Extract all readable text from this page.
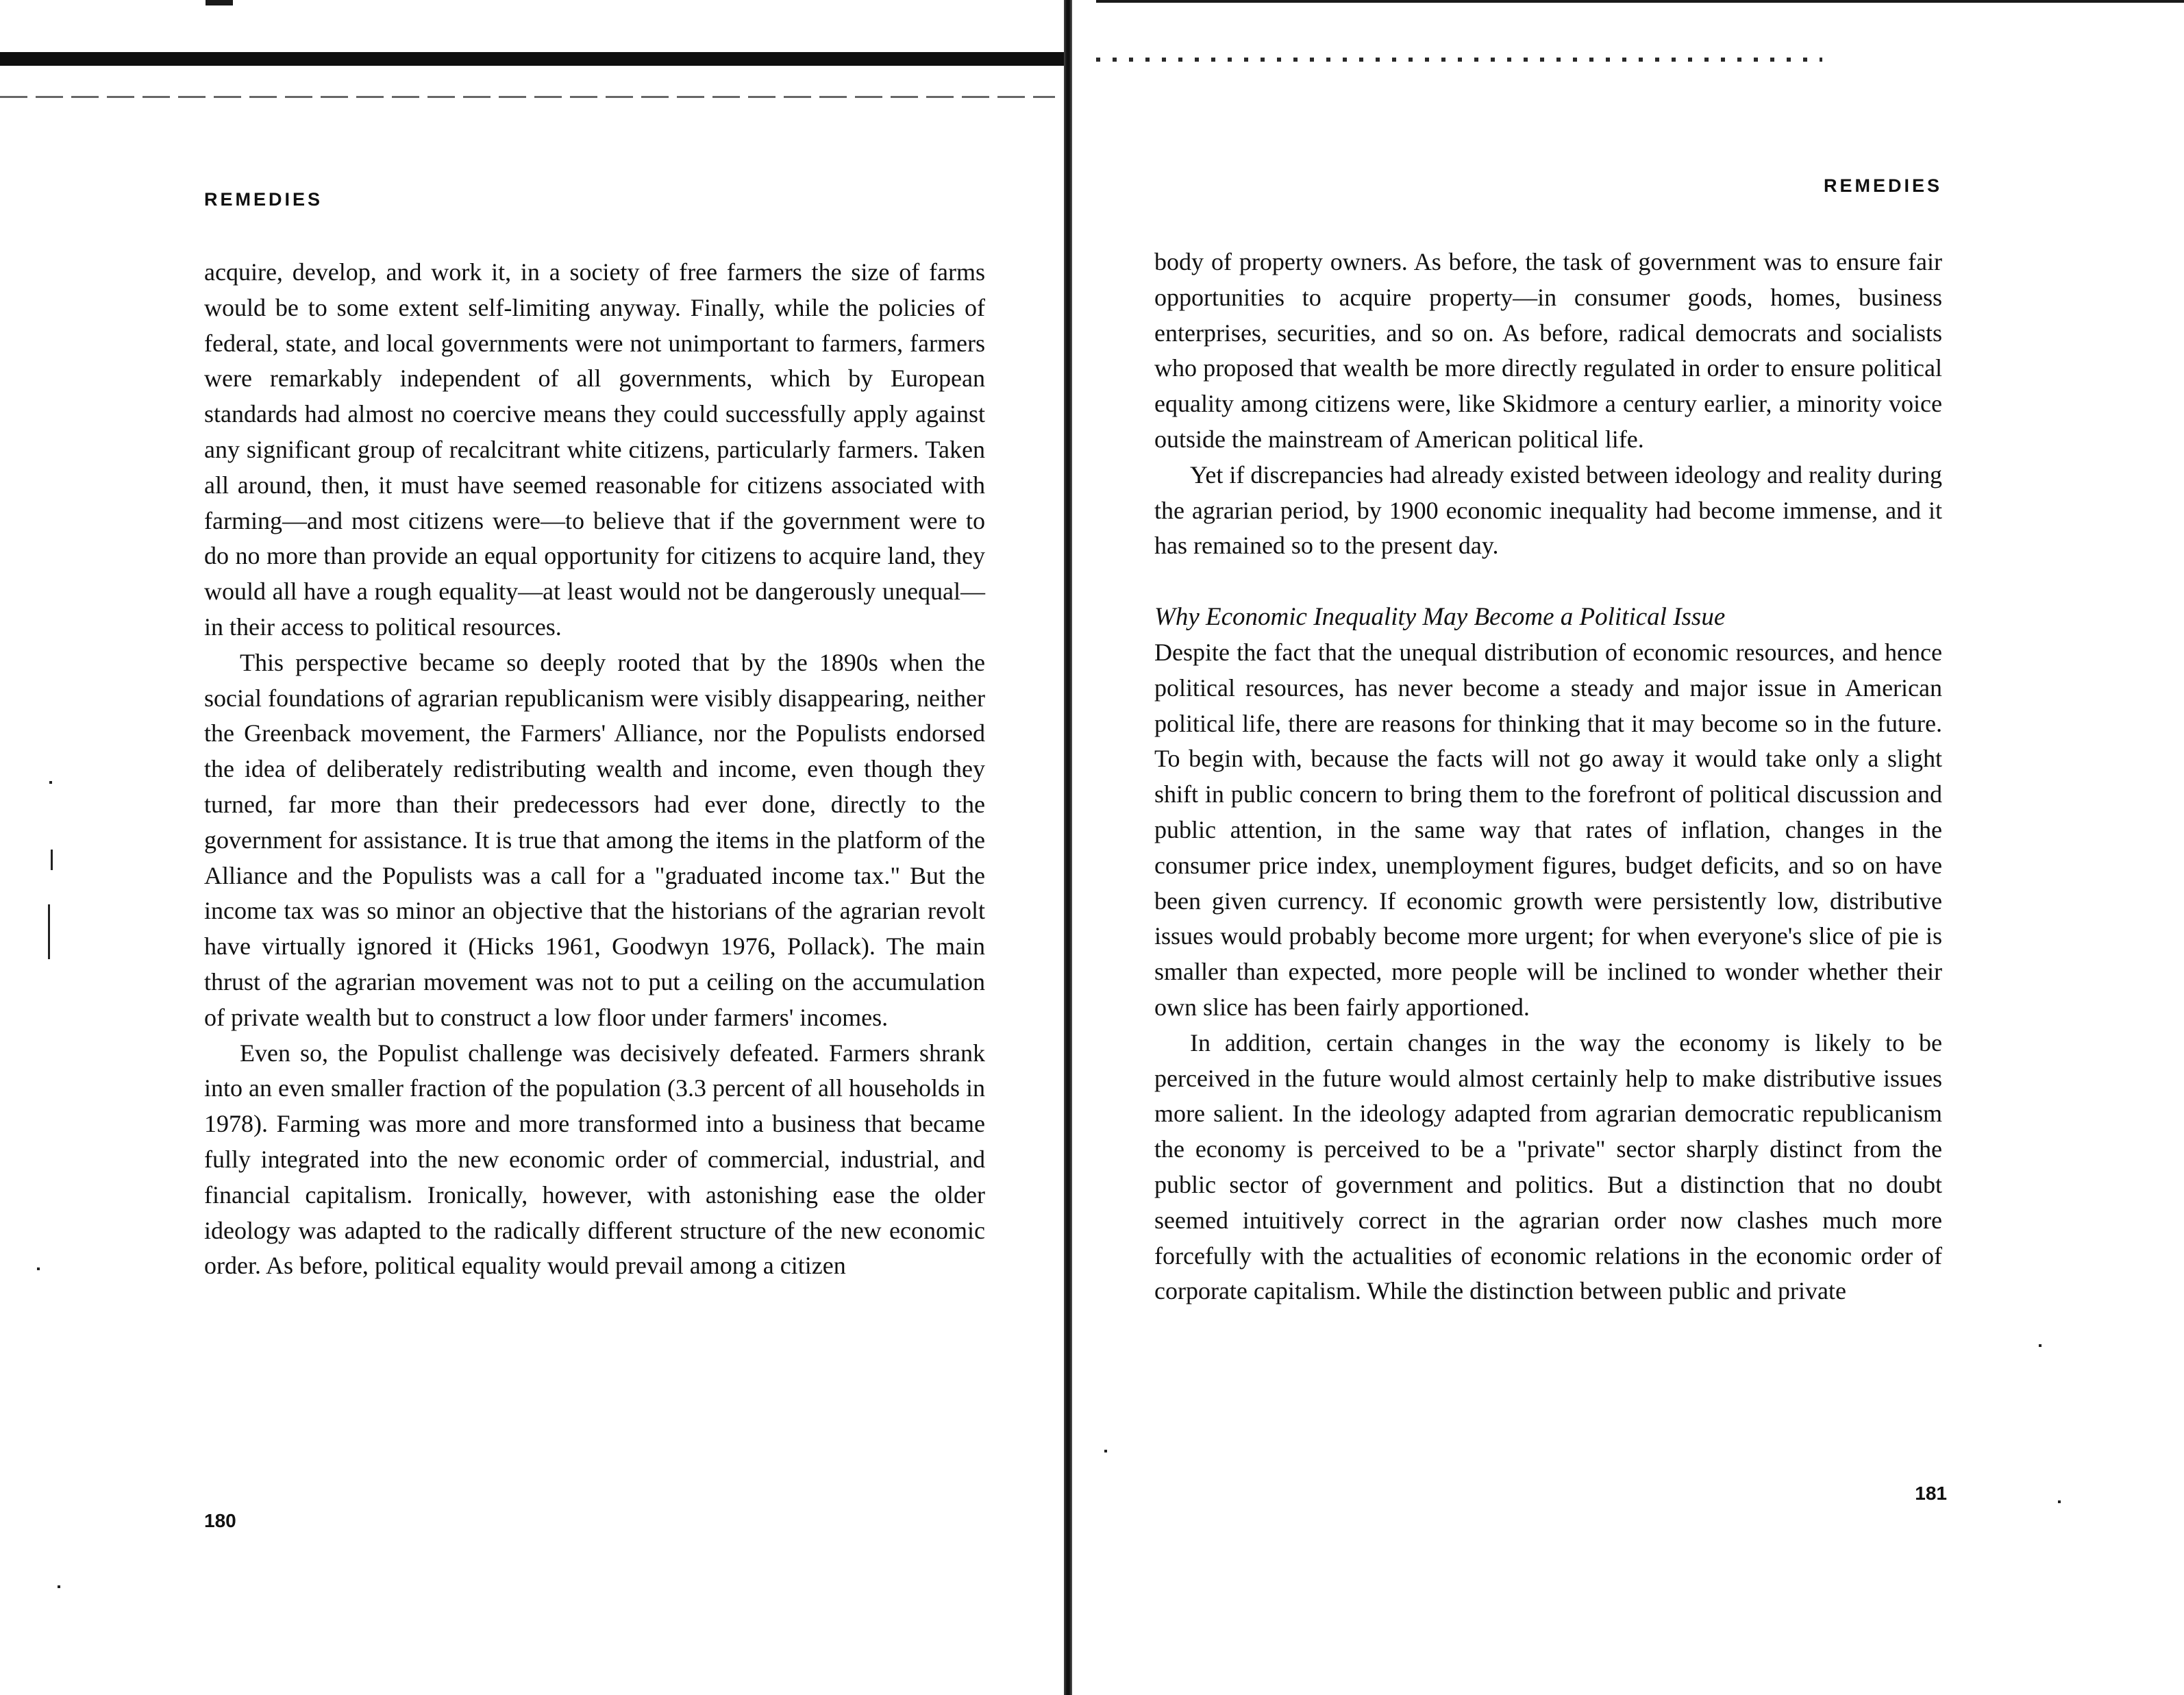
REMEDIES

acquire, develop, and work it, in a society of free farmers the size of farms would be to some extent self-limiting anyway. Finally, while the policies of federal, state, and local governments were not unimportant to farmers, farmers were remarkably independent of all governments, which by European standards had almost no coercive means they could successfully apply against any significant group of recalcitrant white citizens, particularly farmers. Taken all around, then, it must have seemed reasonable for citizens associated with farming—and most citizens were—to believe that if the government were to do no more than provide an equal opportunity for citizens to acquire land, they would all have a rough equality—at least would not be dangerously unequal—in their access to political resources.

This perspective became so deeply rooted that by the 1890s when the social foundations of agrarian republicanism were visibly disappearing, neither the Greenback movement, the Farmers' Alliance, nor the Populists endorsed the idea of deliberately redistributing wealth and income, even though they turned, far more than their predecessors had ever done, directly to the government for assistance. It is true that among the items in the platform of the Alliance and the Populists was a call for a "graduated income tax." But the income tax was so minor an objective that the historians of the agrarian revolt have virtually ignored it (Hicks 1961, Goodwyn 1976, Pollack). The main thrust of the agrarian movement was not to put a ceiling on the accumulation of private wealth but to construct a low floor under farmers' incomes.

Even so, the Populist challenge was decisively defeated. Farmers shrank into an even smaller fraction of the population (3.3 percent of all households in 1978). Farming was more and more transformed into a business that became fully integrated into the new economic order of commercial, industrial, and financial capitalism. Ironically, however, with astonishing ease the older ideology was adapted to the radically different structure of the new economic order. As before, political equality would prevail among a citizen

180
REMEDIES

body of property owners. As before, the task of government was to ensure fair opportunities to acquire property—in consumer goods, homes, business enterprises, securities, and so on. As before, radical democrats and socialists who proposed that wealth be more directly regulated in order to ensure political equality among citizens were, like Skidmore a century earlier, a minority voice outside the mainstream of American political life.

Yet if discrepancies had already existed between ideology and reality during the agrarian period, by 1900 economic inequality had become immense, and it has remained so to the present day.

Why Economic Inequality May Become a Political Issue

Despite the fact that the unequal distribution of economic resources, and hence political resources, has never become a steady and major issue in American political life, there are reasons for thinking that it may become so in the future. To begin with, because the facts will not go away it would take only a slight shift in public concern to bring them to the forefront of political discussion and public attention, in the same way that rates of inflation, changes in the consumer price index, unemployment figures, budget deficits, and so on have been given currency. If economic growth were persistently low, distributive issues would probably become more urgent; for when everyone's slice of pie is smaller than expected, more people will be inclined to wonder whether their own slice has been fairly apportioned.

In addition, certain changes in the way the economy is likely to be perceived in the future would almost certainly help to make distributive issues more salient. In the ideology adapted from agrarian democratic republicanism the economy is perceived to be a "private" sector sharply distinct from the public sector of government and politics. But a distinction that no doubt seemed intuitively correct in the agrarian order now clashes much more forcefully with the actualities of economic relations in the economic order of corporate capitalism. While the distinction between public and private

181
